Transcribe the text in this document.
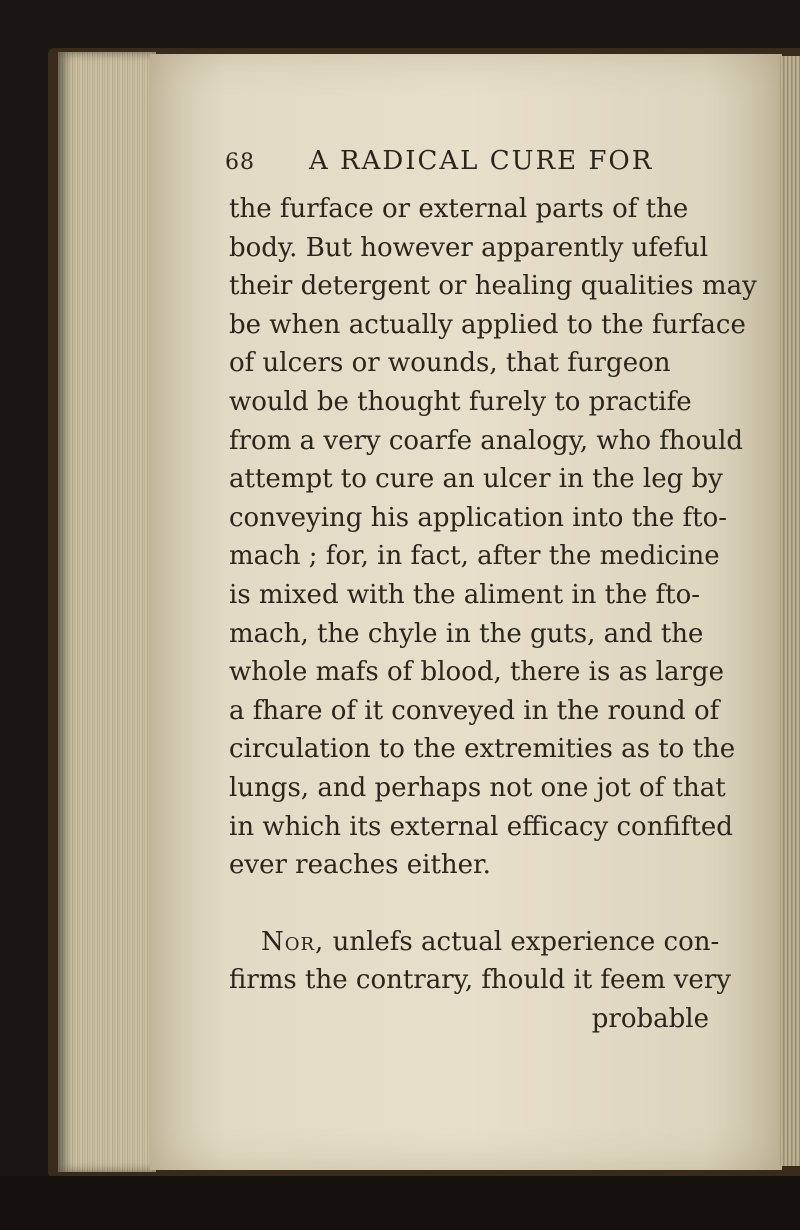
68 A RADICAL CURE FOR
the furface or external parts of the
body. But however apparently ufeful
their detergent or healing qualities may
be when actually applied to the furface
of ulcers or wounds, that furgeon
would be thought furely to practife
from a very coarfe analogy, who fhould
attempt to cure an ulcer in the leg by
conveying his application into the fto-
mach ; for, in fact, after the medicine
is mixed with the aliment in the fto-
mach, the chyle in the guts, and the
whole mafs of blood, there is as large
a fhare of it conveyed in the round of
circulation to the extremities as to the
lungs, and perhaps not one jot of that
in which its external efficacy confifted
ever reaches either.
Nor, unlefs actual experience con-
firms the contrary, fhould it feem very
probable
